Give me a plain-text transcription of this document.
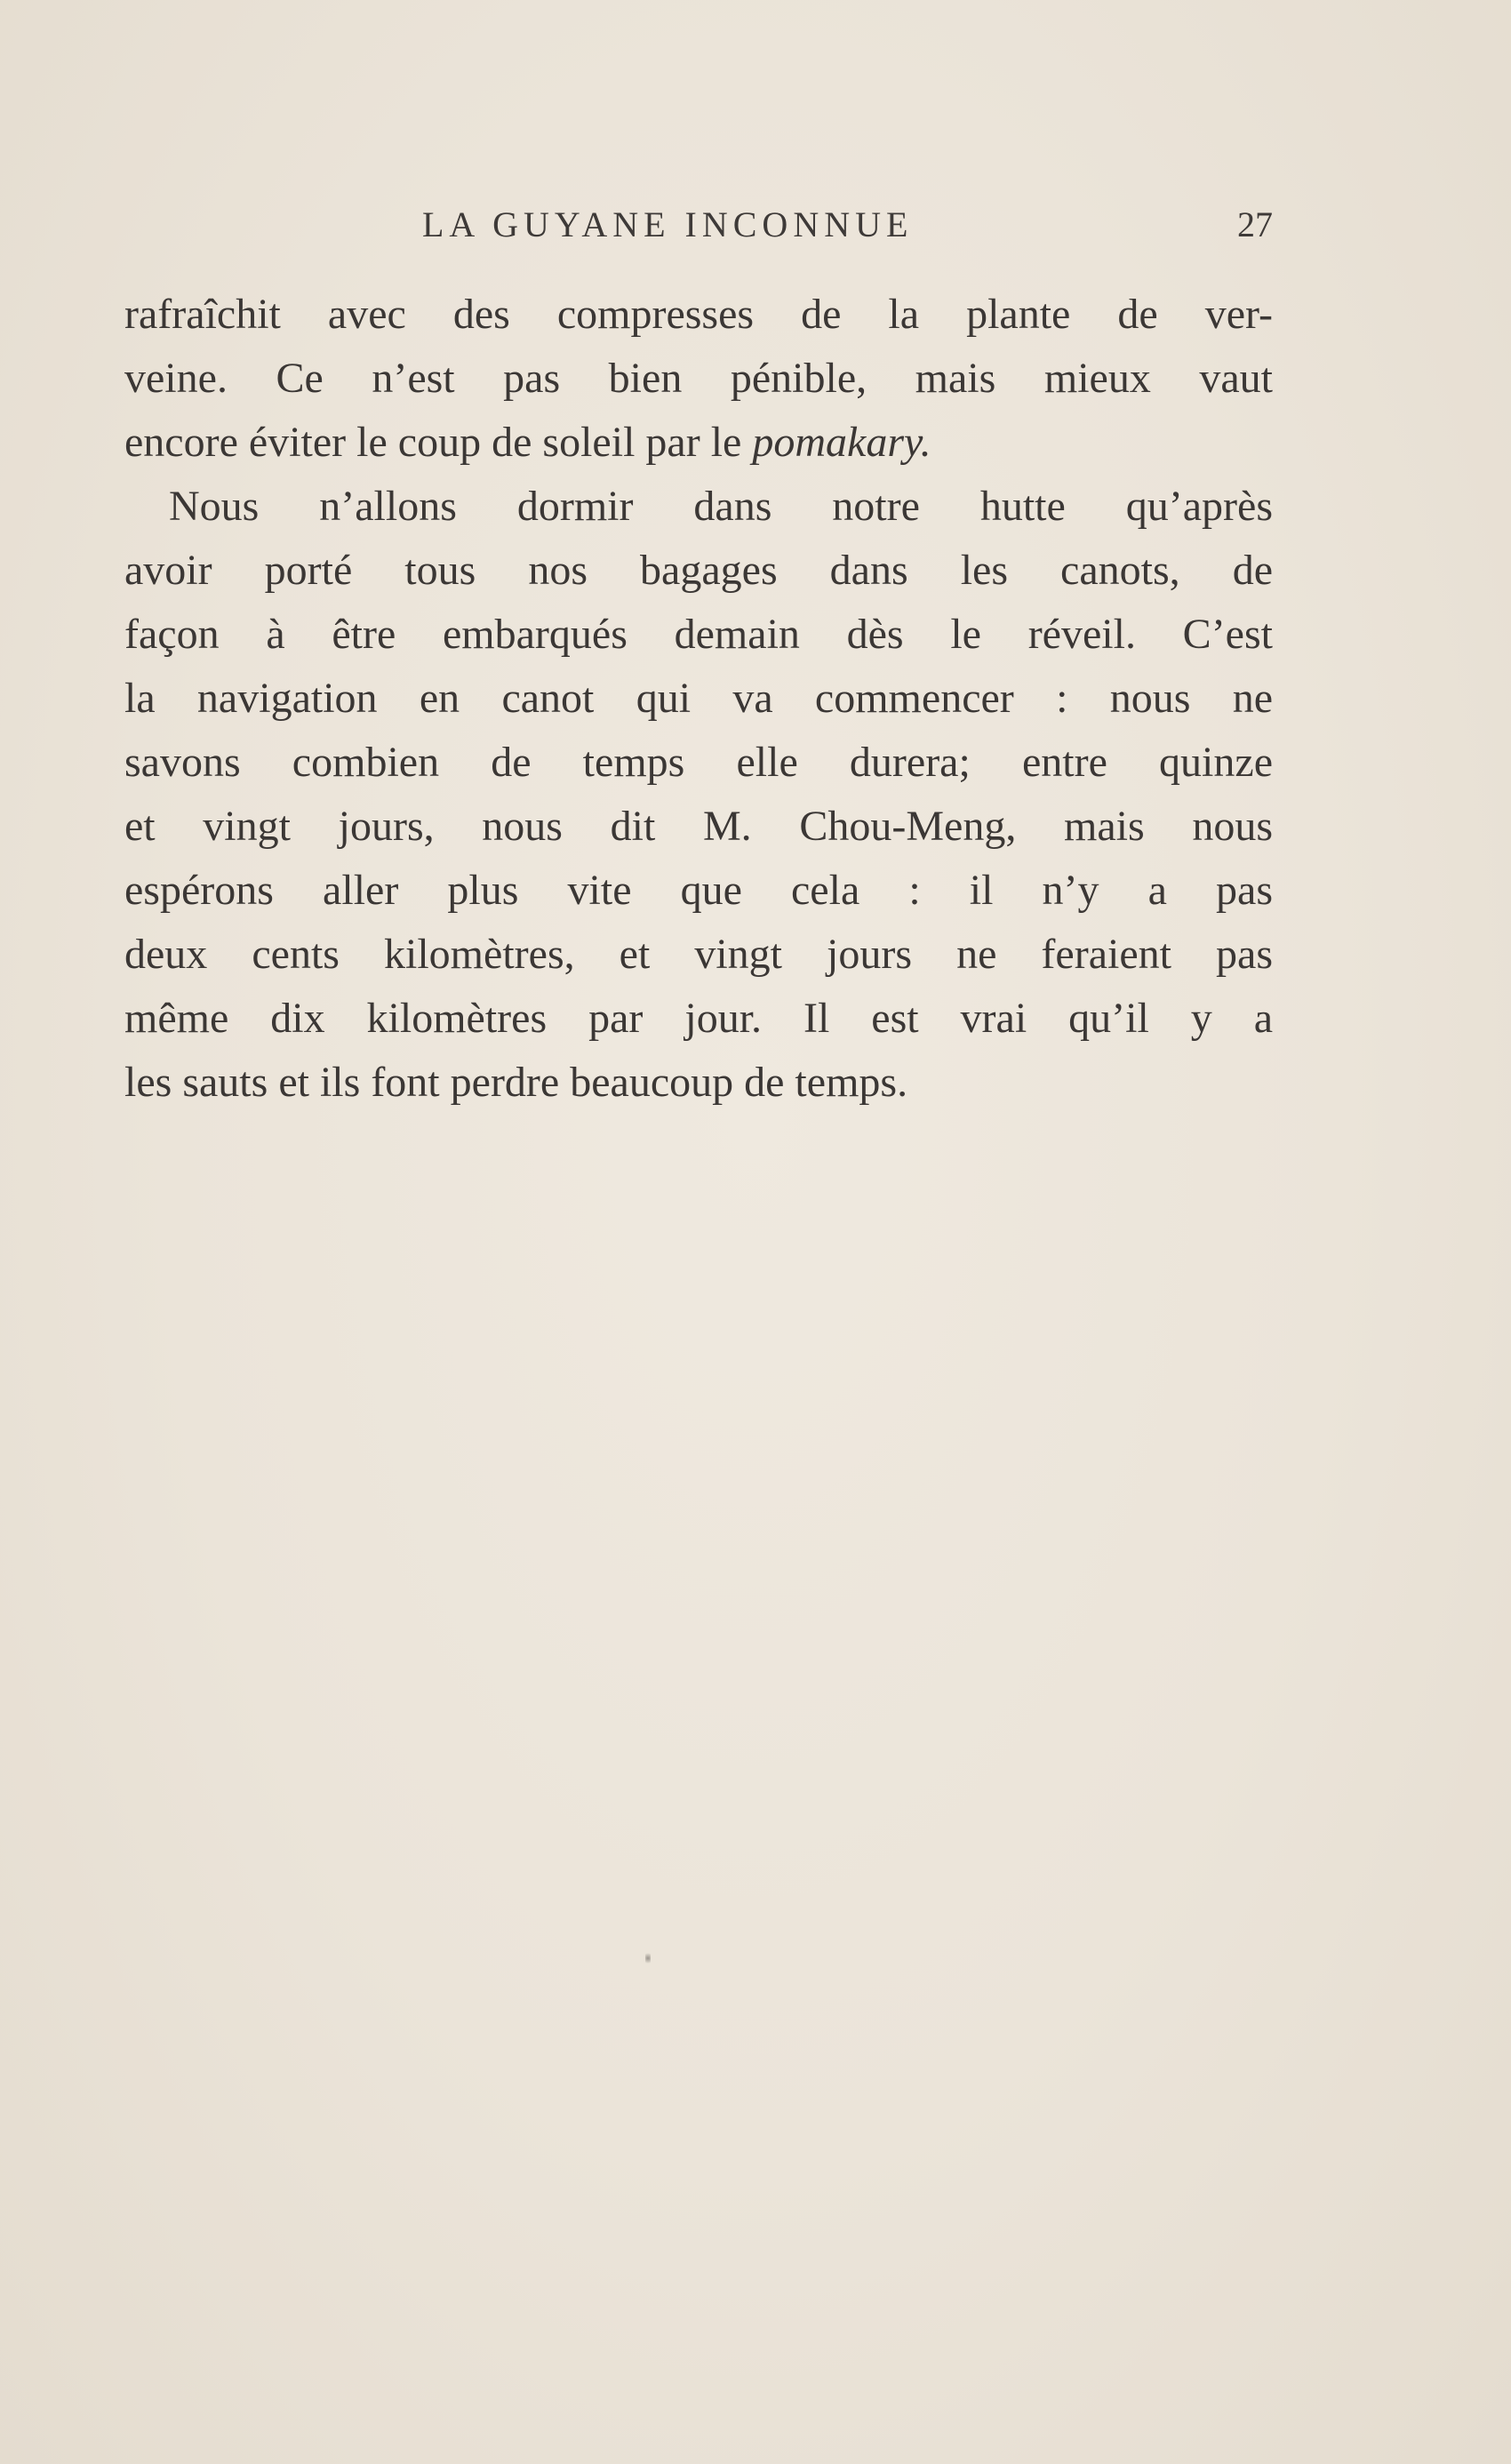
LA GUYANE INCONNUE	27
rafraîchit avec des compresses de la plante de ver-
veine. Ce n’est pas bien pénible, mais mieux vaut
encore éviter le coup de soleil par le pomakary.
Nous n’allons dormir dans notre hutte qu’après
avoir porté tous nos bagages dans les canots, de
façon à être embarqués demain dès le réveil. C’est
la navigation en canot qui va commencer : nous ne
savons combien de temps elle durera; entre quinze
et vingt jours, nous dit M. Chou-Meng, mais nous
espérons aller plus vite que cela : il n’y a pas
deux cents kilomètres, et vingt jours ne feraient pas
même dix kilomètres par jour. Il est vrai qu’il y a
les sauts et ils font perdre beaucoup de temps.
